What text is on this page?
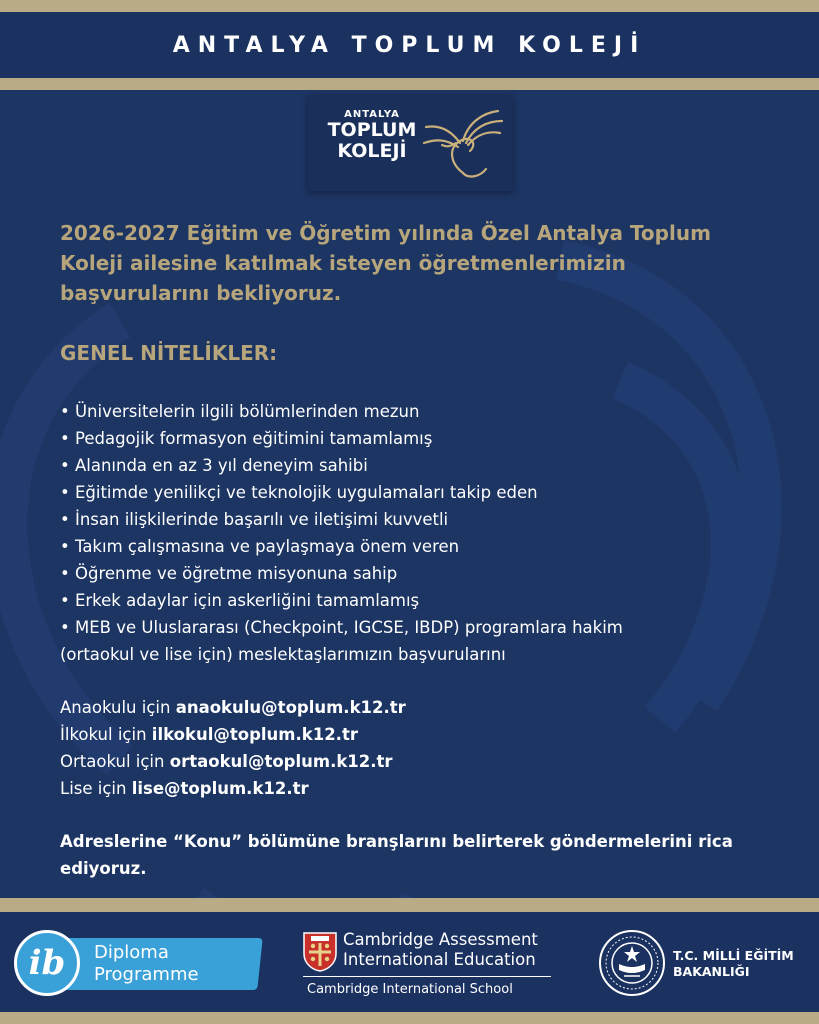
ANTALYA TOPLUM KOLEJİ
ANTALYA
TOPLUM
KOLEJİ

2026-2027 Eğitim ve Öğretim yılında Özel Antalya Toplum Koleji ailesine katılmak isteyen öğretmenlerimizin başvurularını bekliyoruz.

GENEL NİTELİKLER:
• Üniversitelerin ilgili bölümlerinden mezun
• Pedagojik formasyon eğitimini tamamlamış
• Alanında en az 3 yıl deneyim sahibi
• Eğitimde yenilikçi ve teknolojik uygulamaları takip eden
• İnsan ilişkilerinde başarılı ve iletişimi kuvvetli
• Takım çalışmasına ve paylaşmaya önem veren
• Öğrenme ve öğretme misyonuna sahip
• Erkek adaylar için askerliğini tamamlamış
• MEB ve Uluslararası (Checkpoint, IGCSE, IBDP) programlara hakim
(ortaokul ve lise için) meslektaşlarımızın başvurularını
Anaokulu için anaokulu@toplum.k12.tr
İlkokul için ilkokul@toplum.k12.tr
Ortaokul için ortaokul@toplum.k12.tr
Lise için lise@toplum.k12.tr

Adreslerine “Konu” bölümüne branşlarını belirterek göndermelerini rica ediyoruz.

ib	Diploma
Programme
Cambridge Assessment
International Education
Cambridge International School
T.C. MİLLİ EĞİTİM
BAKANLIĞI
